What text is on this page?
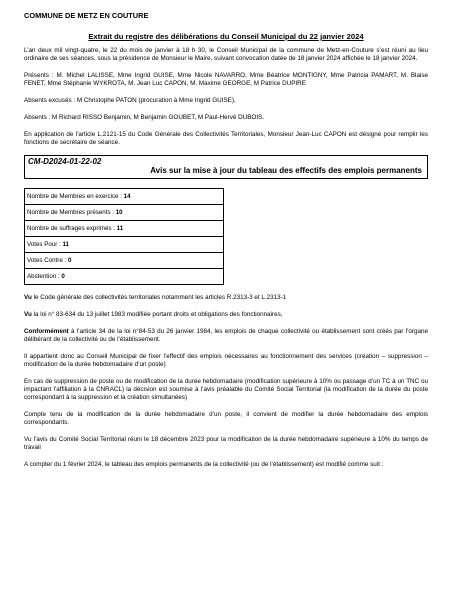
COMMUNE DE METZ EN COUTURE
Extrait du registre des délibérations du Conseil Municipal du 22 janvier 2024

L’an deux mil vingt-quatre, le 22 du mois de janvier à 18 h 30, le Conseil Municipal de la commune de Metz-en-Couture s’est réuni au lieu ordinaire de ses séances, sous la présidence de Monsieur le Maire, suivant convocation datée de 18 janvier 2024 affichée le 18 janvier 2024.

Présents : M. Michel LALISSE, Mme Ingrid GUISE, Mme Nicole NAVARRO, Mme Béatrice MONTIGNY, Mme Patricia PAMART, M. Blaise FENET, Mme Stéphanie WYKROTA, M. Jean Luc CAPON, M. Maxime GEORGE, M Patrice DUPIRE

Absents excusés : M Christophe PATON (procuration à Mme Ingrid GUISE),

Absents : M Richard RISSO Benjamin, M Benjamin GOUBET, M Paul-Hervé DUBOIS.

En application de l’article L.2121-15 du Code Générale des Collectivités Territoriales, Monsieur Jean-Luc CAPON est désigné pour remplir les fonctions de secrétaire de séance.

CM-D2024-01-22-02
Avis sur la mise à jour du tableau des effectifs des emplois permanents
Nombre de Membres en exercice : 14
Nombre de Membres présents : 10
Nombre de suffrages exprimés : 11
Votes Pour : 11
Votes Contre : 0
Abstention : 0

Vu le Code générale des collectivités territoriales notamment les articles R.2313-3 et L.2313-1

Vu la loi n° 83-634 du 13 juillet 1983 modifiée portant droits et obligations des fonctionnaires,

Conformément à l’article 34 de la loi n°84-53 du 26 janvier 1984, les emplois de chaque collectivité ou établissement sont créés par l’organe délibérant de la collectivité ou de l’établissement.

Il appartient donc au Conseil Municipal de fixer l’effectif des emplois nécessaires au fonctionnement des services (création – suppression – modification de la durée hebdomadaire d’un poste)

En cas de suppression de poste ou de modification de la durée hebdomadaire (modification supérieure à 10% ou passage d’un TC à un TNC ou impactant l’affiliation à la CNRACL) la décision est soumise à l’avis préalable du Comité Social Territorial (la modification de la durée du poste correspondant à la suppression et la création simultanées)

Compte tenu de la modification de la durée hebdomadaire d’un poste, il convient de modifier la durée hebdomadaire des emplois correspondants.

Vu l’avis du Comité Social Territorial réuni le 18 décembre 2023 pour la modification de la durée hebdomadaire supérieure à 10% du temps de travail

A compter du 1 février 2024, le tableau des emplois permanents de la collectivité (ou de l’établissement) est modifié comme suit :
